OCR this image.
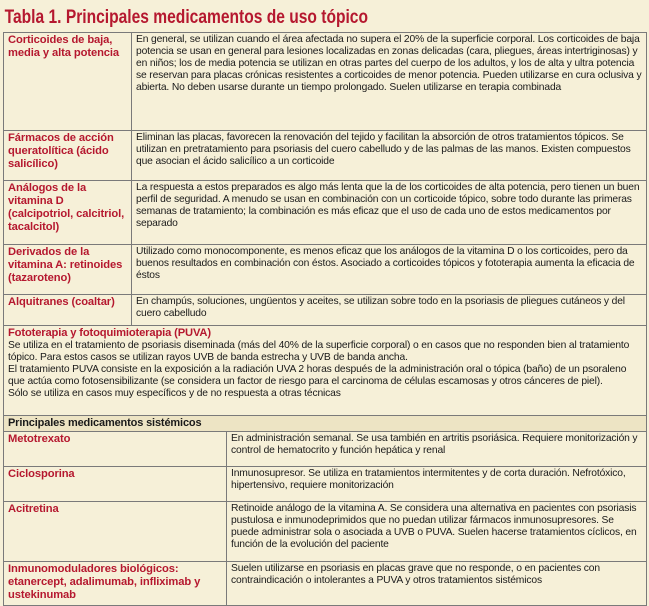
Tabla 1. Principales medicamentos de uso tópico
Corticoides de baja, media y alta potencia	En general, se utilizan cuando el área afectada no supera el 20% de la superficie corporal. Los corticoides de baja potencia se usan en general para lesiones localizadas en zonas delicadas (cara, pliegues, áreas intertriginosas) y en niños; los de media potencia se utilizan en otras partes del cuerpo de los adultos, y los de alta y ultra potencia se reservan para placas crónicas resistentes a corticoides de menor potencia. Pueden utilizarse en cura oclusiva y abierta. No deben usarse durante un tiempo prolongado. Suelen utilizarse en terapia combinada	
Fármacos de acción queratolítica (ácido salicílico)	Eliminan las placas, favorecen la renovación del tejido y facilitan la absorción de otros tratamientos tópicos. Se utilizan en pretratamiento para psoriasis del cuero cabelludo y de las palmas de las manos. Existen compuestos que asocian el ácido salicílico a un corticoide	
Análogos de la vitamina D (calcipotriol, calcitriol, tacalcitol)	La respuesta a estos preparados es algo más lenta que la de los corticoides de alta potencia, pero tienen un buen perfil de seguridad. A menudo se usan en combinación con un corticoide tópico, sobre todo durante las primeras semanas de tratamiento; la combinación es más eficaz que el uso de cada uno de estos medicamentos por separado	
Derivados de la vitamina A: retinoides (tazaroteno)	Utilizado como monocomponente, es menos eficaz que los análogos de la vitamina D o los corticoides, pero da buenos resultados en combinación con éstos. Asociado a corticoides tópicos y fototerapia aumenta la eficacia de éstos	
Alquitranes (coaltar)	En champús, soluciones, ungüentos y aceites, se utilizan sobre todo en la psoriasis de pliegues cutáneos y del cuero cabelludo	

Fototerapia y fotoquimioterapia (PUVA)
Se utiliza en el tratamiento de psoriasis diseminada (más del 40% de la superficie corporal) o en casos que no responden bien al tratamiento tópico. Para estos casos se utilizan rayos UVB de banda estrecha y UVB de banda ancha.
El tratamiento PUVA consiste en la exposición a la radiación UVA 2 horas después de la administración oral o tópica (baño) de un psoraleno que actúa como fotosensibilizante (se considera un factor de riesgo para el carcinoma de células escamosas y otros cánceres de piel).
Sólo se utiliza en casos muy específicos y de no respuesta a otras técnicas		

Principales medicamentos sistémicos		
Metotrexato		En administración semanal. Se usa también en artritis psoriásica. Requiere monitorización y control de hematocrito y función hepática y renal
Ciclosporina		Inmunosupresor. Se utiliza en tratamientos intermitentes y de corta duración. Nefrotóxico, hipertensivo, requiere monitorización
Acitretina		Retinoide análogo de la vitamina A. Se considera una alternativa en pacientes con psoriasis pustulosa e inmunodeprimidos que no puedan utilizar fármacos inmunosupresores. Se puede administrar sola o asociada a UVB o PUVA. Suelen hacerse tratamientos cíclicos, en función de la evolución del paciente
Inmunomoduladores biológicos: etanercept, adalimumab, infliximab y ustekinumab		Suelen utilizarse en psoriasis en placas grave que no responde, o en pacientes con contraindicación o intolerantes a PUVA y otros tratamientos sistémicos
